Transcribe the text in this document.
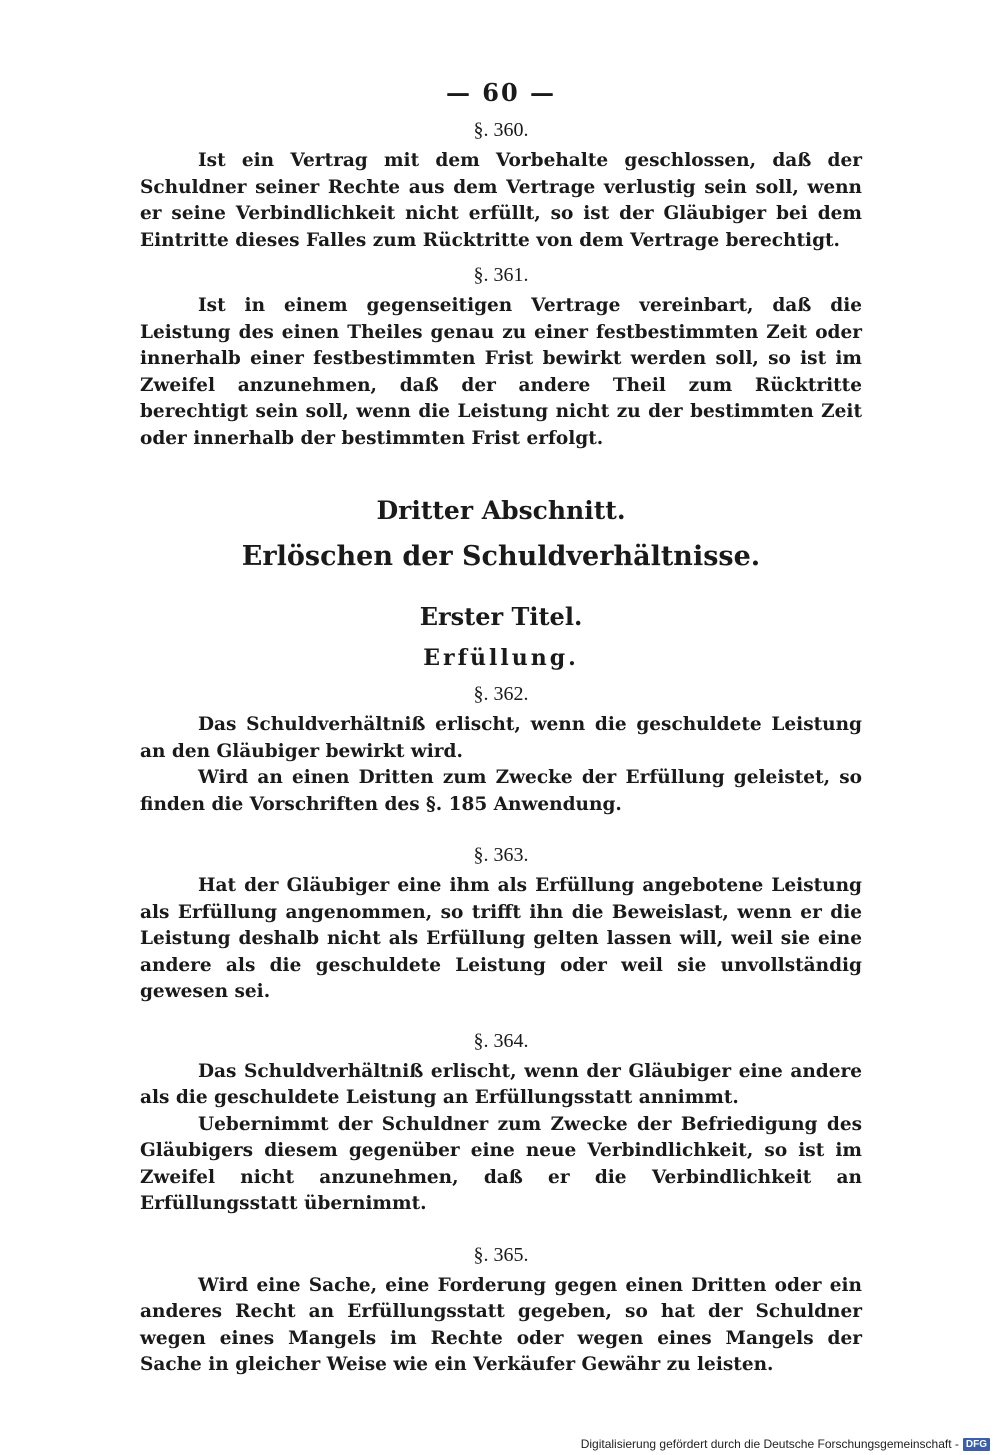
— 60 —
§. 360.

Ist ein Vertrag mit dem Vorbehalte geschlossen, daß der Schuldner seiner Rechte aus dem Vertrage verlustig sein soll, wenn er seine Verbindlichkeit nicht erfüllt, so ist der Gläubiger bei dem Eintritte dieses Falles zum Rücktritte von dem Vertrage berechtigt.

§. 361.

Ist in einem gegenseitigen Vertrage vereinbart, daß die Leistung des einen Theiles genau zu einer festbestimmten Zeit oder innerhalb einer festbestimmten Frist bewirkt werden soll, so ist im Zweifel anzunehmen, daß der andere Theil zum Rücktritte berechtigt sein soll, wenn die Leistung nicht zu der bestimmten Zeit oder innerhalb der bestimmten Frist erfolgt.

Dritter Abschnitt.
Erlöschen der Schuldverhältnisse.
Erster Titel.
Erfüllung.
§. 362.

Das Schuldverhältniß erlischt, wenn die geschuldete Leistung an den Gläubiger bewirkt wird.

Wird an einen Dritten zum Zwecke der Erfüllung geleistet, so finden die Vorschriften des §. 185 Anwendung.

§. 363.

Hat der Gläubiger eine ihm als Erfüllung angebotene Leistung als Erfüllung angenommen, so trifft ihn die Beweislast, wenn er die Leistung deshalb nicht als Erfüllung gelten lassen will, weil sie eine andere als die geschuldete Leistung oder weil sie unvollständig gewesen sei.

§. 364.

Das Schuldverhältniß erlischt, wenn der Gläubiger eine andere als die geschuldete Leistung an Erfüllungsstatt annimmt.

Uebernimmt der Schuldner zum Zwecke der Befriedigung des Gläubigers diesem gegenüber eine neue Verbindlichkeit, so ist im Zweifel nicht anzunehmen, daß er die Verbindlichkeit an Erfüllungsstatt übernimmt.

§. 365.

Wird eine Sache, eine Forderung gegen einen Dritten oder ein anderes Recht an Erfüllungsstatt gegeben, so hat der Schuldner wegen eines Mangels im Rechte oder wegen eines Mangels der Sache in gleicher Weise wie ein Verkäufer Gewähr zu leisten.

Digitalisierung gefördert durch die Deutsche Forschungsgemeinschaft - DFG
